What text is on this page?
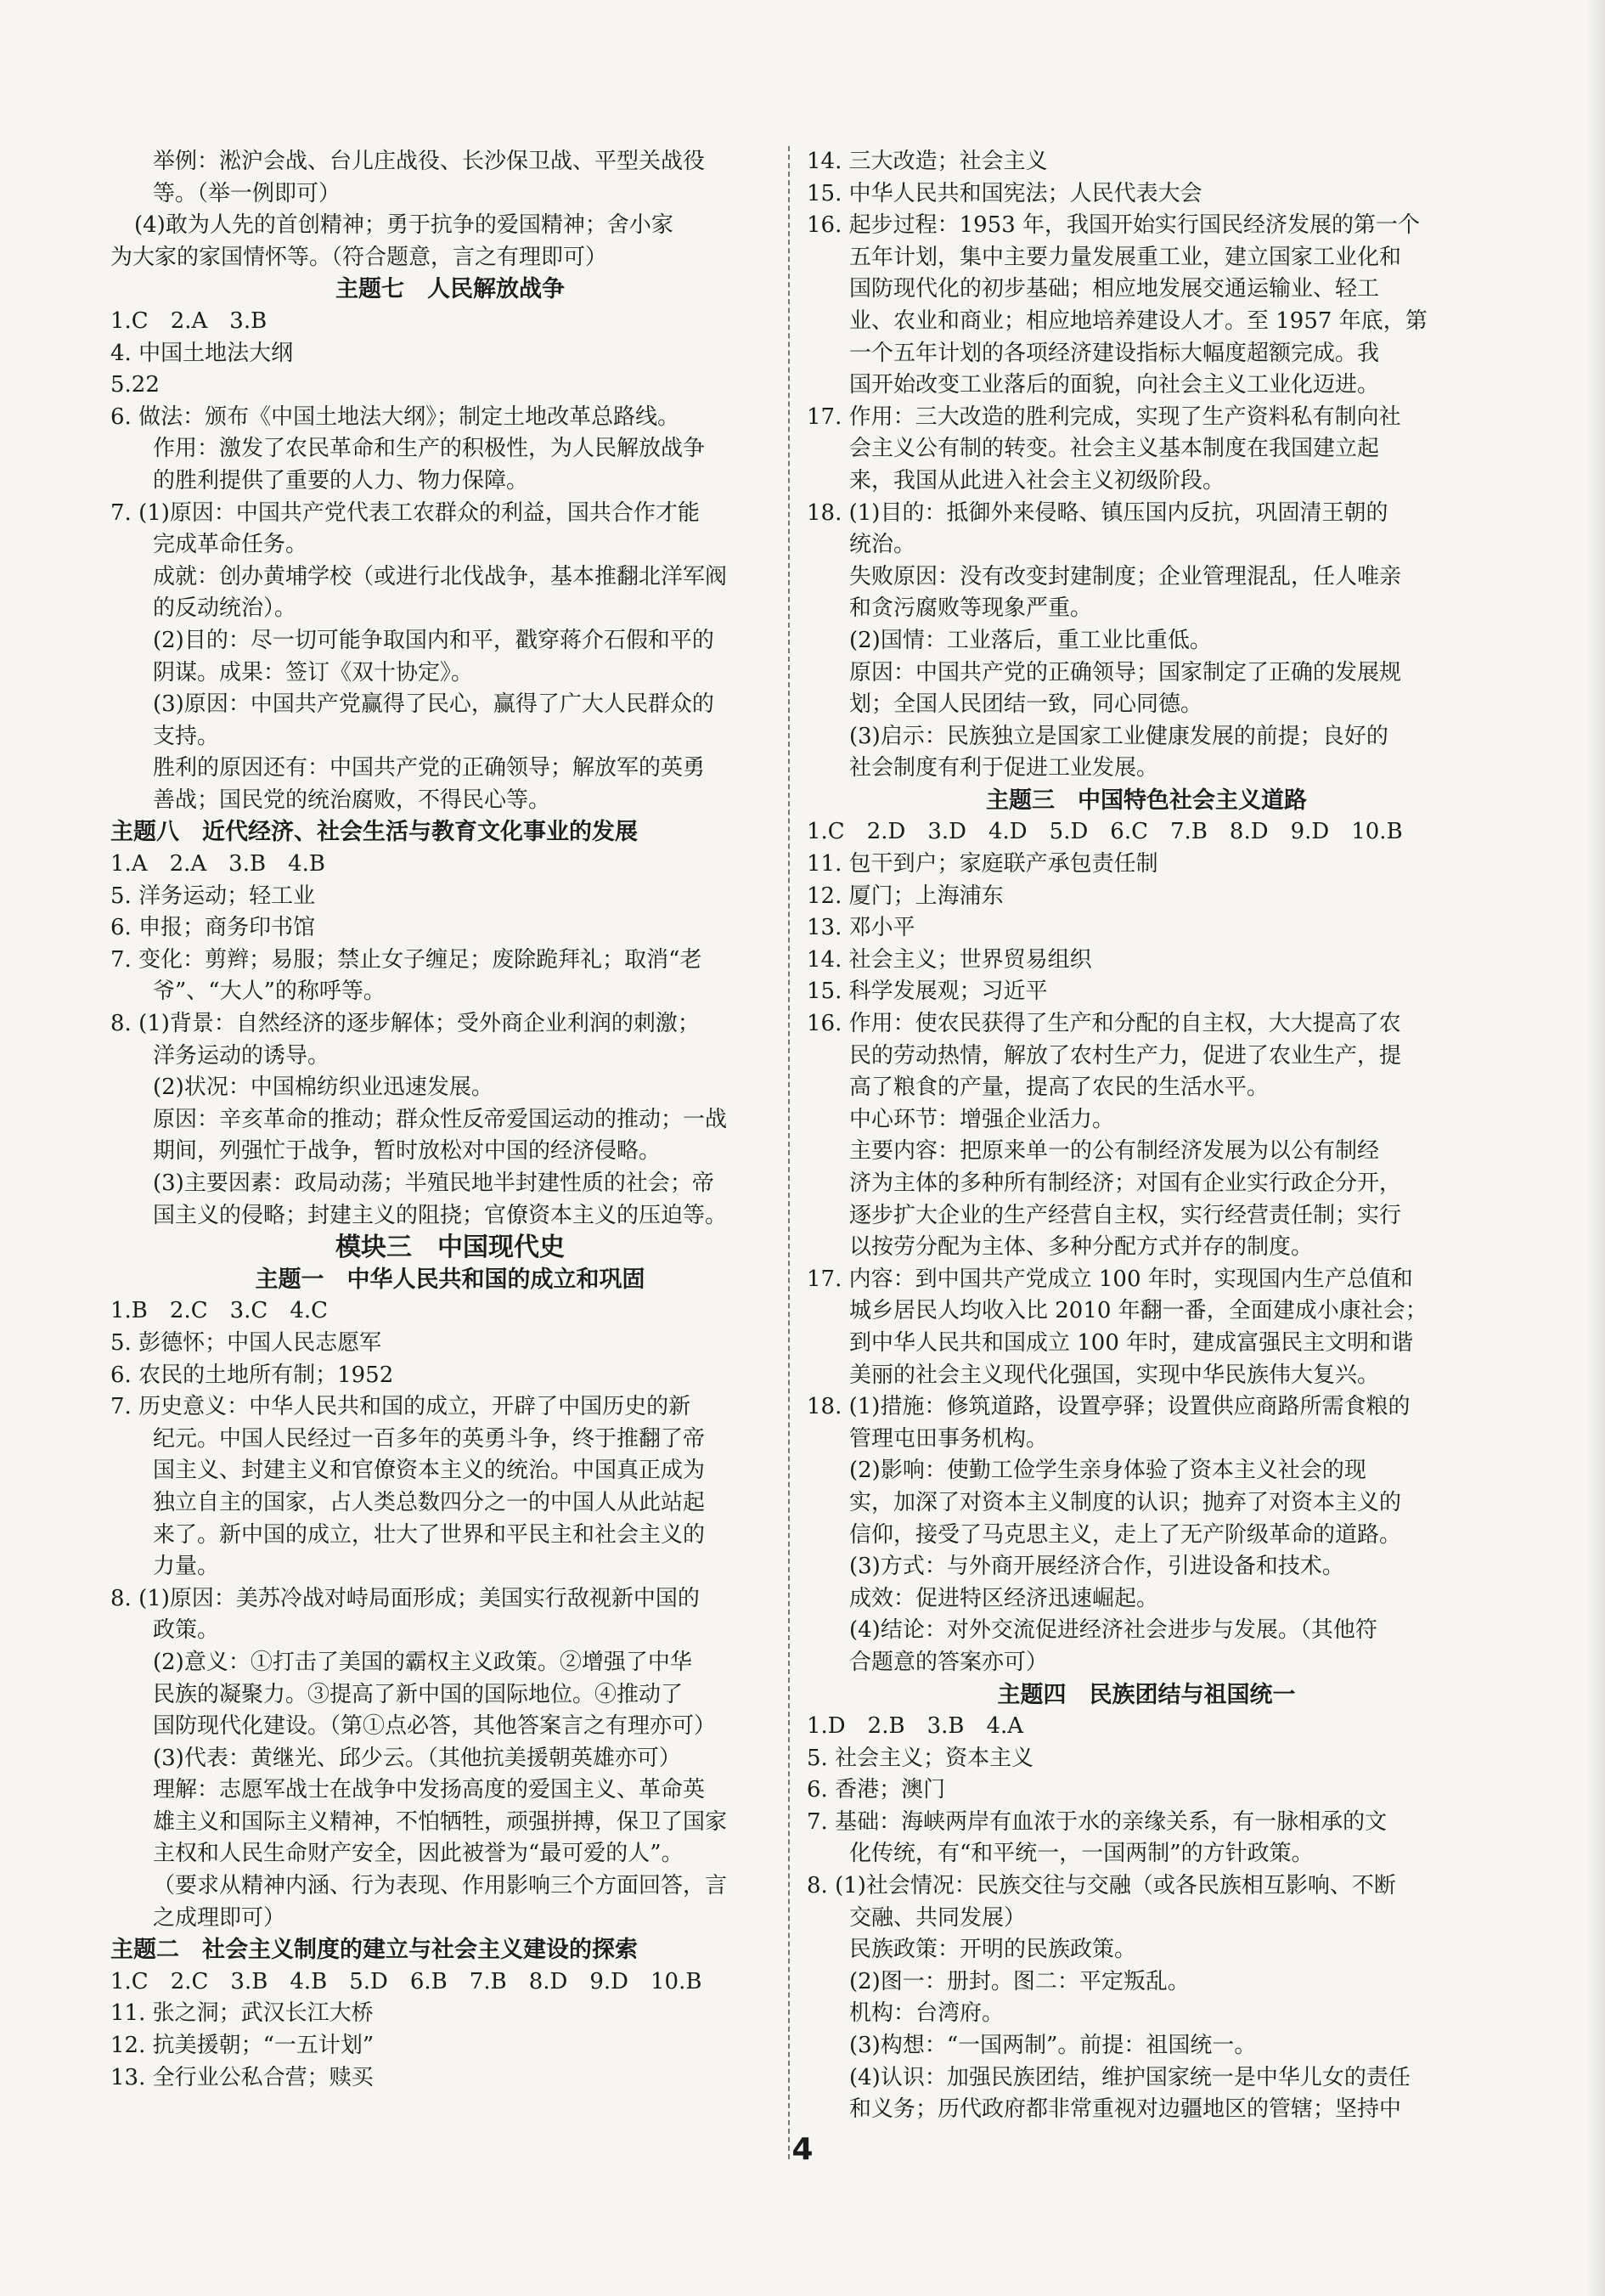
举例：淞沪会战、台儿庄战役、长沙保卫战、平型关战役
等。（举一例即可）
(4)敢为人先的首创精神；勇于抗争的爱国精神；舍小家
为大家的家国情怀等。（符合题意，言之有理即可）
主题七　人民解放战争
1.C　2.A　3.B
4. 中国土地法大纲
5.22
6. 做法：颁布《中国土地法大纲》；制定土地改革总路线。
作用：激发了农民革命和生产的积极性，为人民解放战争
的胜利提供了重要的人力、物力保障。
7. (1)原因：中国共产党代表工农群众的利益，国共合作才能
完成革命任务。
成就：创办黄埔学校（或进行北伐战争，基本推翻北洋军阀
的反动统治）。
(2)目的：尽一切可能争取国内和平，戳穿蒋介石假和平的
阴谋。成果：签订《双十协定》。
(3)原因：中国共产党赢得了民心，赢得了广大人民群众的
支持。
胜利的原因还有：中国共产党的正确领导；解放军的英勇
善战；国民党的统治腐败，不得民心等。
主题八　近代经济、社会生活与教育文化事业的发展
1.A　2.A　3.B　4.B
5. 洋务运动；轻工业
6. 申报；商务印书馆
7. 变化：剪辫；易服；禁止女子缠足；废除跪拜礼；取消“老
爷”、“大人”的称呼等。
8. (1)背景：自然经济的逐步解体；受外商企业利润的刺激；
洋务运动的诱导。
(2)状况：中国棉纺织业迅速发展。
原因：辛亥革命的推动；群众性反帝爱国运动的推动；一战
期间，列强忙于战争，暂时放松对中国的经济侵略。
(3)主要因素：政局动荡；半殖民地半封建性质的社会；帝
国主义的侵略；封建主义的阻挠；官僚资本主义的压迫等。
模块三　中国现代史
主题一　中华人民共和国的成立和巩固
1.B　2.C　3.C　4.C
5. 彭德怀；中国人民志愿军
6. 农民的土地所有制；1952
7. 历史意义：中华人民共和国的成立，开辟了中国历史的新
纪元。中国人民经过一百多年的英勇斗争，终于推翻了帝
国主义、封建主义和官僚资本主义的统治。中国真正成为
独立自主的国家，占人类总数四分之一的中国人从此站起
来了。新中国的成立，壮大了世界和平民主和社会主义的
力量。
8. (1)原因：美苏冷战对峙局面形成；美国实行敌视新中国的
政策。
(2)意义：①打击了美国的霸权主义政策。②增强了中华
民族的凝聚力。③提高了新中国的国际地位。④推动了
国防现代化建设。（第①点必答，其他答案言之有理亦可）
(3)代表：黄继光、邱少云。（其他抗美援朝英雄亦可）
理解：志愿军战士在战争中发扬高度的爱国主义、革命英
雄主义和国际主义精神，不怕牺牲，顽强拼搏，保卫了国家
主权和人民生命财产安全，因此被誉为“最可爱的人”。
（要求从精神内涵、行为表现、作用影响三个方面回答，言
之成理即可）
主题二　社会主义制度的建立与社会主义建设的探索
1.C　2.C　3.B　4.B　5.D　6.B　7.B　8.D　9.D　10.B
11. 张之洞；武汉长江大桥
12. 抗美援朝；“一五计划”
13. 全行业公私合营；赎买
14. 三大改造；社会主义
15. 中华人民共和国宪法；人民代表大会
16. 起步过程：1953 年，我国开始实行国民经济发展的第一个
五年计划，集中主要力量发展重工业，建立国家工业化和
国防现代化的初步基础；相应地发展交通运输业、轻工
业、农业和商业；相应地培养建设人才。至 1957 年底，第
一个五年计划的各项经济建设指标大幅度超额完成。我
国开始改变工业落后的面貌，向社会主义工业化迈进。
17. 作用：三大改造的胜利完成，实现了生产资料私有制向社
会主义公有制的转变。社会主义基本制度在我国建立起
来，我国从此进入社会主义初级阶段。
18. (1)目的：抵御外来侵略、镇压国内反抗，巩固清王朝的
统治。
失败原因：没有改变封建制度；企业管理混乱，任人唯亲
和贪污腐败等现象严重。
(2)国情：工业落后，重工业比重低。
原因：中国共产党的正确领导；国家制定了正确的发展规
划；全国人民团结一致，同心同德。
(3)启示：民族独立是国家工业健康发展的前提；良好的
社会制度有利于促进工业发展。
主题三　中国特色社会主义道路
1.C　2.D　3.D　4.D　5.D　6.C　7.B　8.D　9.D　10.B
11. 包干到户；家庭联产承包责任制
12. 厦门；上海浦东
13. 邓小平
14. 社会主义；世界贸易组织
15. 科学发展观；习近平
16. 作用：使农民获得了生产和分配的自主权，大大提高了农
民的劳动热情，解放了农村生产力，促进了农业生产，提
高了粮食的产量，提高了农民的生活水平。
中心环节：增强企业活力。
主要内容：把原来单一的公有制经济发展为以公有制经
济为主体的多种所有制经济；对国有企业实行政企分开，
逐步扩大企业的生产经营自主权，实行经营责任制；实行
以按劳分配为主体、多种分配方式并存的制度。
17. 内容：到中国共产党成立 100 年时，实现国内生产总值和
城乡居民人均收入比 2010 年翻一番，全面建成小康社会；
到中华人民共和国成立 100 年时，建成富强民主文明和谐
美丽的社会主义现代化强国，实现中华民族伟大复兴。
18. (1)措施：修筑道路，设置亭驿；设置供应商路所需食粮的
管理屯田事务机构。
(2)影响：使勤工俭学生亲身体验了资本主义社会的现
实，加深了对资本主义制度的认识；抛弃了对资本主义的
信仰，接受了马克思主义，走上了无产阶级革命的道路。
(3)方式：与外商开展经济合作，引进设备和技术。
成效：促进特区经济迅速崛起。
(4)结论：对外交流促进经济社会进步与发展。（其他符
合题意的答案亦可）
主题四　民族团结与祖国统一
1.D　2.B　3.B　4.A
5. 社会主义；资本主义
6. 香港；澳门
7. 基础：海峡两岸有血浓于水的亲缘关系，有一脉相承的文
化传统，有“和平统一，一国两制”的方针政策。
8. (1)社会情况：民族交往与交融（或各民族相互影响、不断
交融、共同发展）
民族政策：开明的民族政策。
(2)图一：册封。图二：平定叛乱。
机构：台湾府。
(3)构想：“一国两制”。前提：祖国统一。
(4)认识：加强民族团结，维护国家统一是中华儿女的责任
和义务；历代政府都非常重视对边疆地区的管辖；坚持中
4
